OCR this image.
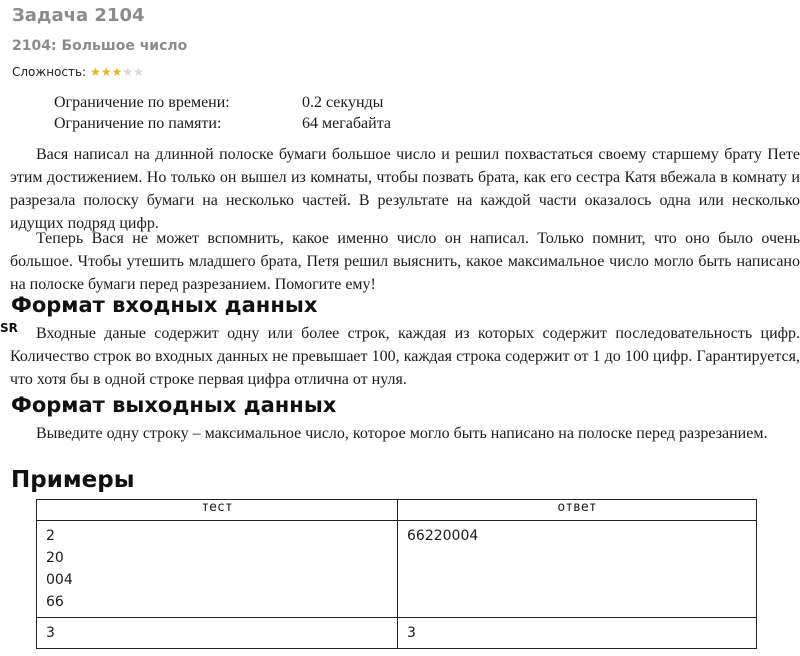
Задача 2104
2104: Большое число
Сложность: ★ ★ ★ ★ ★
Ограничение по времени:	0.2 секунды
Ограничение по памяти:	64 мегабайта
Вася написал на длинной полоске бумаги большое число и решил похвастаться своему старшему брату Пете этим достижением. Но только он вышел из комнаты, чтобы позвать брата, как его сестра Катя вбежала в комнату и разрезала полоску бумаги на несколько частей. В результате на каждой части оказалось одна или несколько идущих подряд цифр.
Теперь Вася не может вспомнить, какое именно число он написал. Только помнит, что оно было очень большое. Чтобы утешить младшего брата, Петя решил выяснить, какое максимальное число могло быть написано на полоске бумаги перед разрезанием. Помогите ему!
Формат входных данных
SR	Входные даные содержит одну или более строк, каждая из которых содержит последовательность цифр. Количество строк во входных данных не превышает 100, каждая строка содержит от 1 до 100 цифр. Гарантируется, что хотя бы в одной строке первая цифра отлична от нуля.
Формат выходных данных
Выведите одну строку – максимальное число, которое могло быть написано на полоске перед разрезанием.
Примеры
тест	ответ

2
20
004
66	66220004

3	3
